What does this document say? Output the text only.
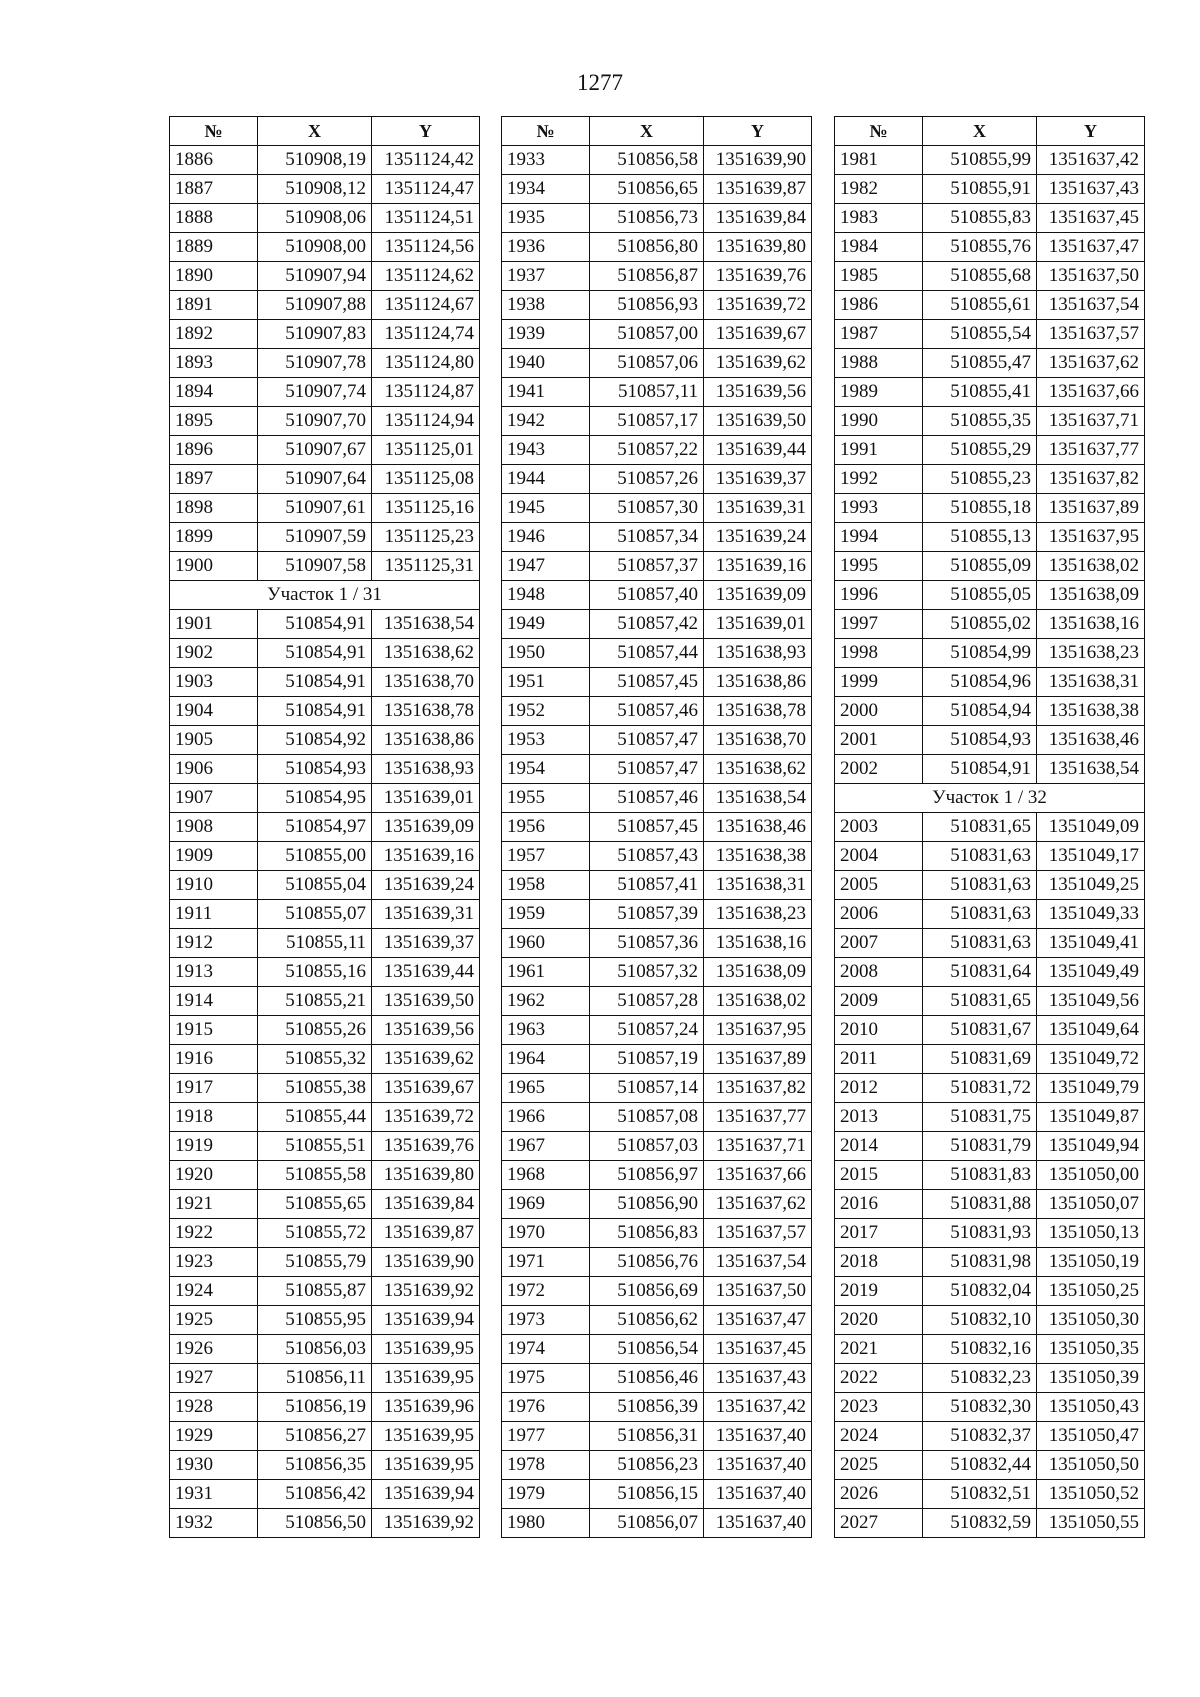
1277
№	X	Y
1886	510908,19	1351124,42
1887	510908,12	1351124,47
1888	510908,06	1351124,51
1889	510908,00	1351124,56
1890	510907,94	1351124,62
1891	510907,88	1351124,67
1892	510907,83	1351124,74
1893	510907,78	1351124,80
1894	510907,74	1351124,87
1895	510907,70	1351124,94
1896	510907,67	1351125,01
1897	510907,64	1351125,08
1898	510907,61	1351125,16
1899	510907,59	1351125,23
1900	510907,58	1351125,31
Участок 1 / 31		
1901	510854,91	1351638,54
1902	510854,91	1351638,62
1903	510854,91	1351638,70
1904	510854,91	1351638,78
1905	510854,92	1351638,86
1906	510854,93	1351638,93
1907	510854,95	1351639,01
1908	510854,97	1351639,09
1909	510855,00	1351639,16
1910	510855,04	1351639,24
1911	510855,07	1351639,31
1912	510855,11	1351639,37
1913	510855,16	1351639,44
1914	510855,21	1351639,50
1915	510855,26	1351639,56
1916	510855,32	1351639,62
1917	510855,38	1351639,67
1918	510855,44	1351639,72
1919	510855,51	1351639,76
1920	510855,58	1351639,80
1921	510855,65	1351639,84
1922	510855,72	1351639,87
1923	510855,79	1351639,90
1924	510855,87	1351639,92
1925	510855,95	1351639,94
1926	510856,03	1351639,95
1927	510856,11	1351639,95
1928	510856,19	1351639,96
1929	510856,27	1351639,95
1930	510856,35	1351639,95
1931	510856,42	1351639,94
1932	510856,50	1351639,92
№	X	Y
1933	510856,58	1351639,90
1934	510856,65	1351639,87
1935	510856,73	1351639,84
1936	510856,80	1351639,80
1937	510856,87	1351639,76
1938	510856,93	1351639,72
1939	510857,00	1351639,67
1940	510857,06	1351639,62
1941	510857,11	1351639,56
1942	510857,17	1351639,50
1943	510857,22	1351639,44
1944	510857,26	1351639,37
1945	510857,30	1351639,31
1946	510857,34	1351639,24
1947	510857,37	1351639,16
1948	510857,40	1351639,09
1949	510857,42	1351639,01
1950	510857,44	1351638,93
1951	510857,45	1351638,86
1952	510857,46	1351638,78
1953	510857,47	1351638,70
1954	510857,47	1351638,62
1955	510857,46	1351638,54
1956	510857,45	1351638,46
1957	510857,43	1351638,38
1958	510857,41	1351638,31
1959	510857,39	1351638,23
1960	510857,36	1351638,16
1961	510857,32	1351638,09
1962	510857,28	1351638,02
1963	510857,24	1351637,95
1964	510857,19	1351637,89
1965	510857,14	1351637,82
1966	510857,08	1351637,77
1967	510857,03	1351637,71
1968	510856,97	1351637,66
1969	510856,90	1351637,62
1970	510856,83	1351637,57
1971	510856,76	1351637,54
1972	510856,69	1351637,50
1973	510856,62	1351637,47
1974	510856,54	1351637,45
1975	510856,46	1351637,43
1976	510856,39	1351637,42
1977	510856,31	1351637,40
1978	510856,23	1351637,40
1979	510856,15	1351637,40
1980	510856,07	1351637,40
№	X	Y
1981	510855,99	1351637,42
1982	510855,91	1351637,43
1983	510855,83	1351637,45
1984	510855,76	1351637,47
1985	510855,68	1351637,50
1986	510855,61	1351637,54
1987	510855,54	1351637,57
1988	510855,47	1351637,62
1989	510855,41	1351637,66
1990	510855,35	1351637,71
1991	510855,29	1351637,77
1992	510855,23	1351637,82
1993	510855,18	1351637,89
1994	510855,13	1351637,95
1995	510855,09	1351638,02
1996	510855,05	1351638,09
1997	510855,02	1351638,16
1998	510854,99	1351638,23
1999	510854,96	1351638,31
2000	510854,94	1351638,38
2001	510854,93	1351638,46
2002	510854,91	1351638,54
Участок 1 / 32		
2003	510831,65	1351049,09
2004	510831,63	1351049,17
2005	510831,63	1351049,25
2006	510831,63	1351049,33
2007	510831,63	1351049,41
2008	510831,64	1351049,49
2009	510831,65	1351049,56
2010	510831,67	1351049,64
2011	510831,69	1351049,72
2012	510831,72	1351049,79
2013	510831,75	1351049,87
2014	510831,79	1351049,94
2015	510831,83	1351050,00
2016	510831,88	1351050,07
2017	510831,93	1351050,13
2018	510831,98	1351050,19
2019	510832,04	1351050,25
2020	510832,10	1351050,30
2021	510832,16	1351050,35
2022	510832,23	1351050,39
2023	510832,30	1351050,43
2024	510832,37	1351050,47
2025	510832,44	1351050,50
2026	510832,51	1351050,52
2027	510832,59	1351050,55
